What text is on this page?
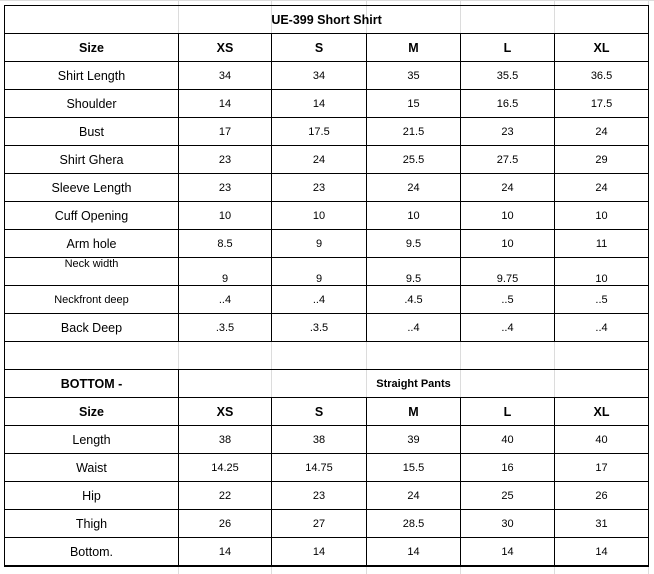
UE-399 Short Shirt					
Size	XS	S	M	L	XL
Shirt Length	34	34	35	35.5	36.5
Shoulder	14	14	15	16.5	17.5
Bust	17	17.5	21.5	23	24
Shirt Ghera	23	24	25.5	27.5	29
Sleeve Length	23	23	24	24	24
Cuff Opening	10	10	10	10	10
Arm hole	8.5	9	9.5	10	11
Neck width	9	9	9.5	9.75	10
Neckfront deep	..4	..4	.4.5	..5	..5
Back Deep	.3.5	.3.5	..4	..4	..4

BOTTOM -	Straight Pants				
Size	XS	S	M	L	XL
Length	38	38	39	40	40
Waist	14.25	14.75	15.5	16	17
Hip	22	23	24	25	26
Thigh	26	27	28.5	30	31
Bottom.	14	14	14	14	14
